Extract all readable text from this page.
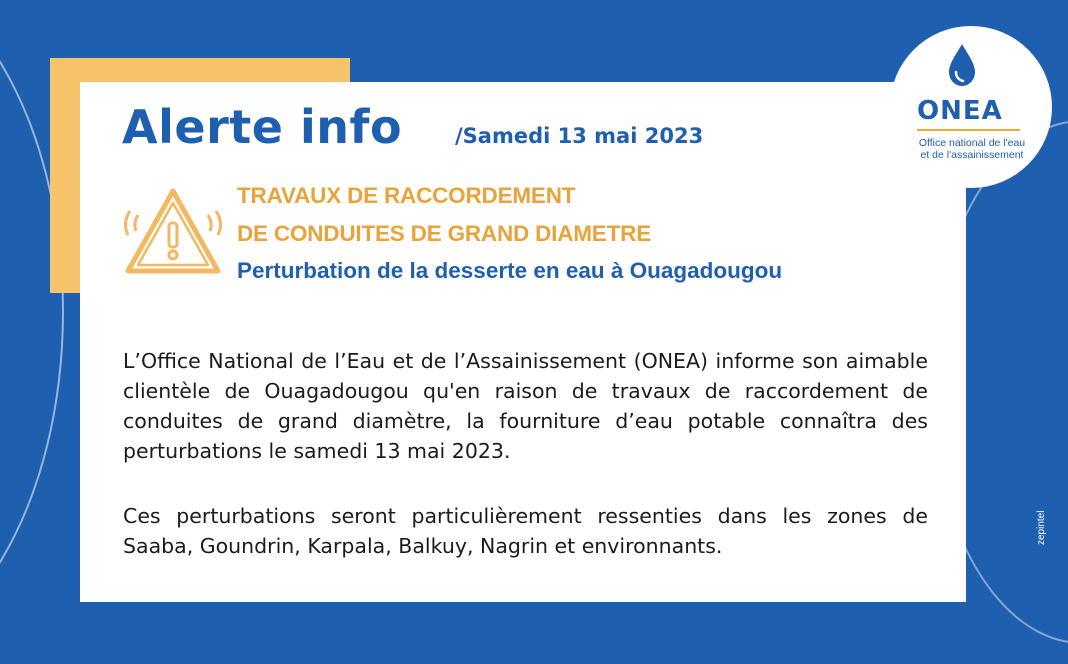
Alerte info	/Samedi 13 mai 2023
TRAVAUX DE RACCORDEMENT
DE CONDUITES DE GRAND DIAMETRE
Perturbation de la desserte en eau à Ouagadougou

L’Office National de l’Eau et de l’Assainissement (ONEA) informe son aimable clientèle de Ouagadougou qu'en raison de travaux de raccordement de conduites de grand diamètre, la fourniture d’eau potable connaîtra des perturbations le samedi 13 mai 2023.

Ces perturbations seront particulièrement ressenties dans les zones de Saaba, Goundrin, Karpala, Balkuy, Nagrin et environnants.

ONEA
Office national de l'eau
et de l'assainissement
zepintel
